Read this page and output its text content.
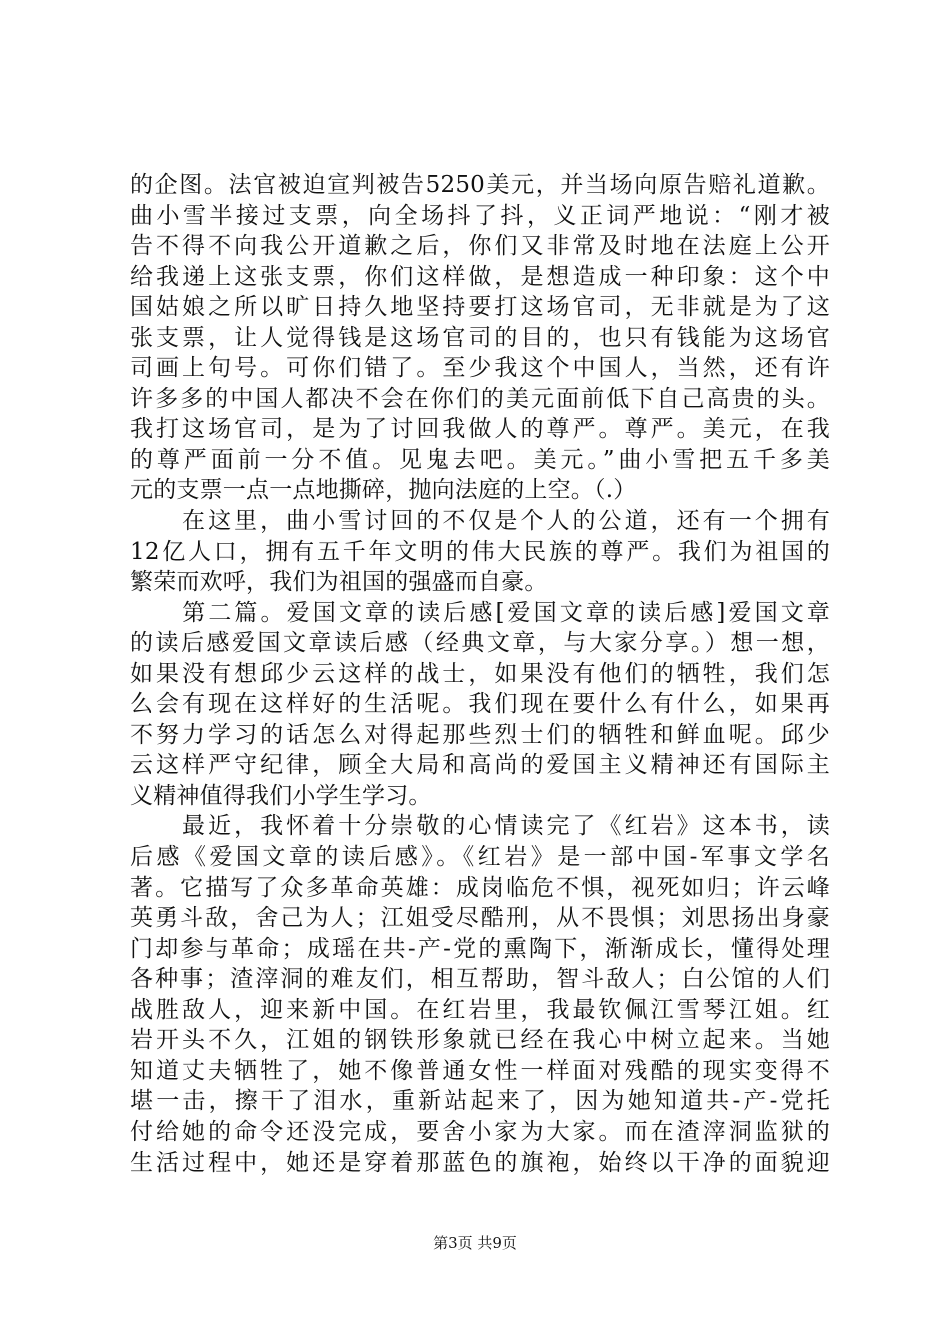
的企图。法官被迫宣判被告5250美元，并当场向原告赔礼道歉。
曲小雪半接过支票，向全场抖了抖，义正词严地说：“刚才被
告不得不向我公开道歉之后，你们又非常及时地在法庭上公开
给我递上这张支票，你们这样做，是想造成一种印象：这个中
国姑娘之所以旷日持久地坚持要打这场官司，无非就是为了这
张支票，让人觉得钱是这场官司的目的，也只有钱能为这场官
司画上句号。可你们错了。至少我这个中国人，当然，还有许
许多多的中国人都决不会在你们的美元面前低下自己高贵的头。
我打这场官司，是为了讨回我做人的尊严。尊严。美元，在我
的尊严面前一分不值。见鬼去吧。美元。”曲小雪把五千多美
元的支票一点一点地撕碎，抛向法庭的上空。（.）
　　在这里，曲小雪讨回的不仅是个人的公道，还有一个拥有
12亿人口，拥有五千年文明的伟大民族的尊严。我们为祖国的
繁荣而欢呼，我们为祖国的强盛而自豪。
　　第二篇。爱国文章的读后感[爱国文章的读后感]爱国文章
的读后感爱国文章读后感（经典文章，与大家分享。）想一想，
如果没有想邱少云这样的战士，如果没有他们的牺牲，我们怎
么会有现在这样好的生活呢。我们现在要什么有什么，如果再
不努力学习的话怎么对得起那些烈士们的牺牲和鲜血呢。邱少
云这样严守纪律，顾全大局和高尚的爱国主义精神还有国际主
义精神值得我们小学生学习。
　　最近，我怀着十分崇敬的心情读完了《红岩》这本书，读
后感《爱国文章的读后感》。《红岩》是一部中国-军事文学名
著。它描写了众多革命英雄：成岗临危不惧，视死如归；许云峰
英勇斗敌，舍己为人；江姐受尽酷刑，从不畏惧；刘思扬出身豪
门却参与革命；成瑶在共-产-党的熏陶下，渐渐成长，懂得处理
各种事；渣滓洞的难友们，相互帮助，智斗敌人；白公馆的人们
战胜敌人，迎来新中国。在红岩里，我最钦佩江雪琴江姐。红
岩开头不久，江姐的钢铁形象就已经在我心中树立起来。当她
知道丈夫牺牲了，她不像普通女性一样面对残酷的现实变得不
堪一击，擦干了泪水，重新站起来了，因为她知道共-产-党托
付给她的命令还没完成，要舍小家为大家。而在渣滓洞监狱的
生活过程中，她还是穿着那蓝色的旗袍，始终以干净的面貌迎
第3页 共9页
